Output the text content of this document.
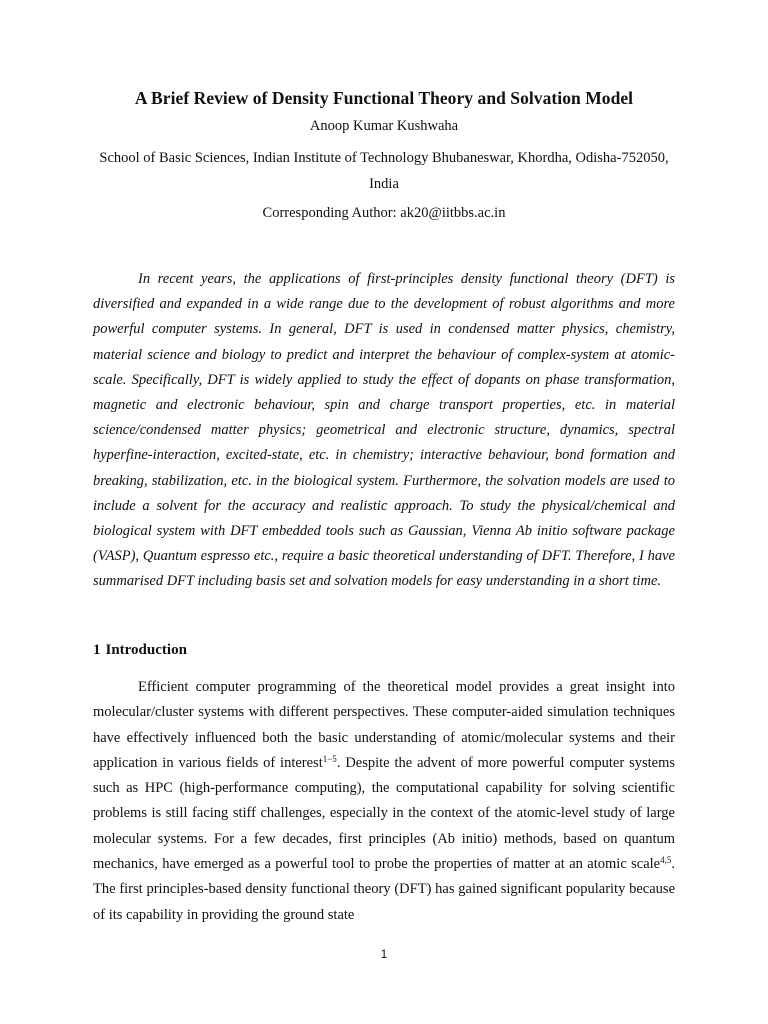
A Brief Review of Density Functional Theory and Solvation Model
Anoop Kumar Kushwaha
School of Basic Sciences, Indian Institute of Technology Bhubaneswar, Khordha, Odisha-752050, India
Corresponding Author: ak20@iitbbs.ac.in

In recent years, the applications of first-principles density functional theory (DFT) is diversified and expanded in a wide range due to the development of robust algorithms and more powerful computer systems. In general, DFT is used in condensed matter physics, chemistry, material science and biology to predict and interpret the behaviour of complex-system at atomic-scale. Specifically, DFT is widely applied to study the effect of dopants on phase transformation, magnetic and electronic behaviour, spin and charge transport properties, etc. in material science/condensed matter physics; geometrical and electronic structure, dynamics, spectral hyperfine-interaction, excited-state, etc. in chemistry; interactive behaviour, bond formation and breaking, stabilization, etc. in the biological system. Furthermore, the solvation models are used to include a solvent for the accuracy and realistic approach. To study the physical/chemical and biological system with DFT embedded tools such as Gaussian, Vienna Ab initio software package (VASP), Quantum espresso etc., require a basic theoretical understanding of DFT. Therefore, I have summarised DFT including basis set and solvation models for easy understanding in a short time.

1 Introduction

Efficient computer programming of the theoretical model provides a great insight into molecular/cluster systems with different perspectives. These computer-aided simulation techniques have effectively influenced both the basic understanding of atomic/molecular systems and their application in various fields of interest$^{1-5}$. Despite the advent of more powerful computer systems such as HPC (high-performance computing), the computational capability for solving scientific problems is still facing stiff challenges, especially in the context of the atomic-level study of large molecular systems. For a few decades, first principles (Ab initio) methods, based on quantum mechanics, have emerged as a powerful tool to probe the properties of matter at an atomic scale$^{4,5}$. The first principles-based density functional theory (DFT) has gained significant popularity because of its capability in providing the ground state

1
